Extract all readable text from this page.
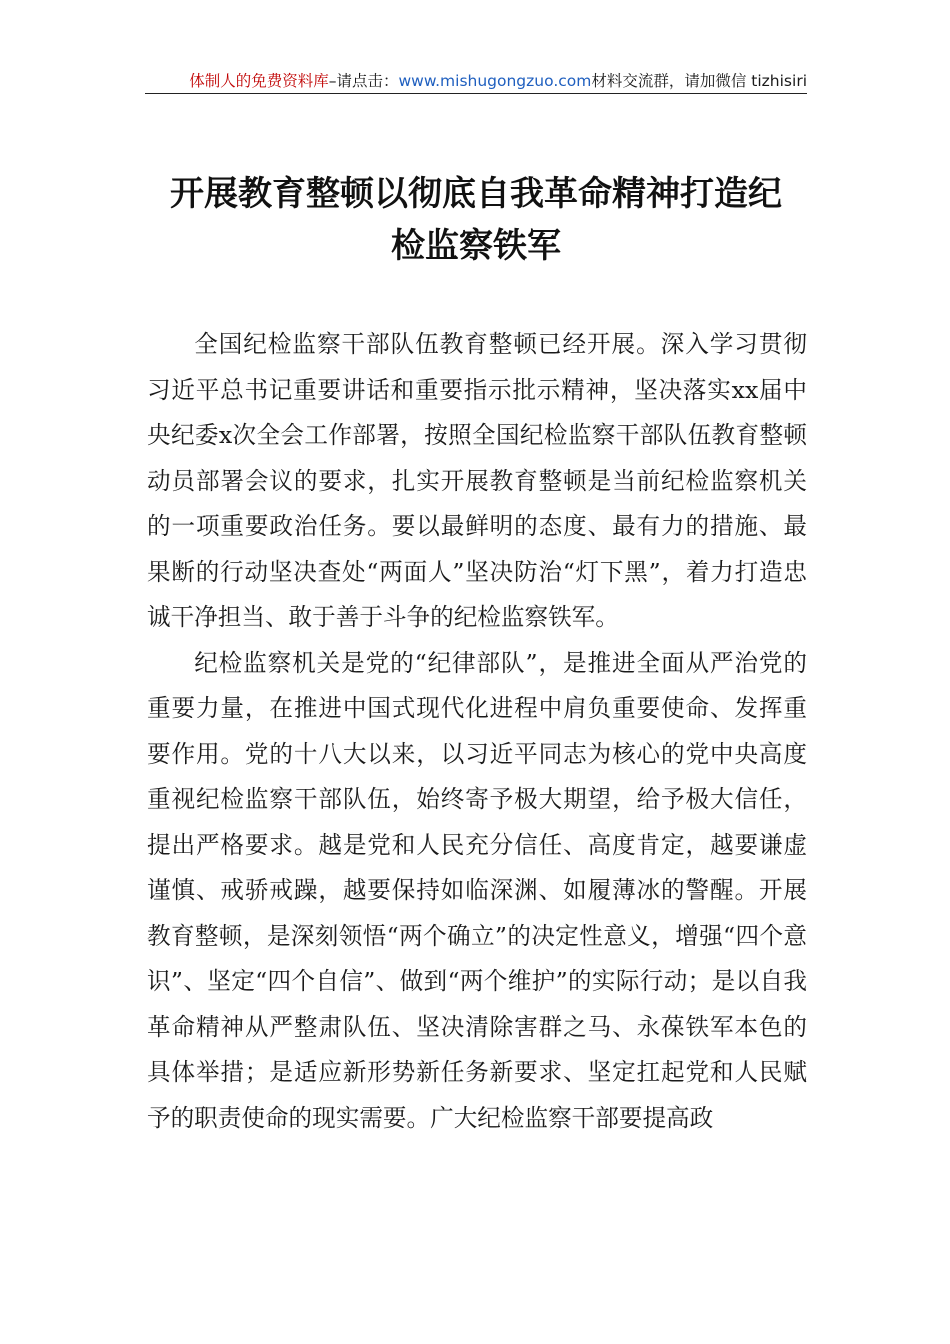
体制人的免费资料库–请点击：www.mishugongzuo.com材料交流群，请加微信 tizhisiri
开展教育整顿以彻底自我革命精神打造纪
检监察铁军

全国纪检监察干部队伍教育整顿已经开展。深入学习贯彻习近平总书记重要讲话和重要指示批示精神，坚决落实xx届中央纪委x次全会工作部署，按照全国纪检监察干部队伍教育整顿动员部署会议的要求，扎实开展教育整顿是当前纪检监察机关的一项重要政治任务。要以最鲜明的态度、最有力的措施、最果断的行动坚决查处“两面人”坚决防治“灯下黑”，着力打造忠诚干净担当、敢于善于斗争的纪检监察铁军。

纪检监察机关是党的“纪律部队”，是推进全面从严治党的重要力量，在推进中国式现代化进程中肩负重要使命、发挥重要作用。党的十八大以来，以习近平同志为核心的党中央高度重视纪检监察干部队伍，始终寄予极大期望，给予极大信任，提出严格要求。越是党和人民充分信任、高度肯定，越要谦虚谨慎、戒骄戒躁，越要保持如临深渊、如履薄冰的警醒。开展教育整顿，是深刻领悟“两个确立”的决定性意义，增强“四个意识”、坚定“四个自信”、做到“两个维护”的实际行动；是以自我革命精神从严整肃队伍、坚决清除害群之马、永葆铁军本色的具体举措；是适应新形势新任务新要求、坚定扛起党和人民赋予的职责使命的现实需要。广大纪检监察干部要提高政
